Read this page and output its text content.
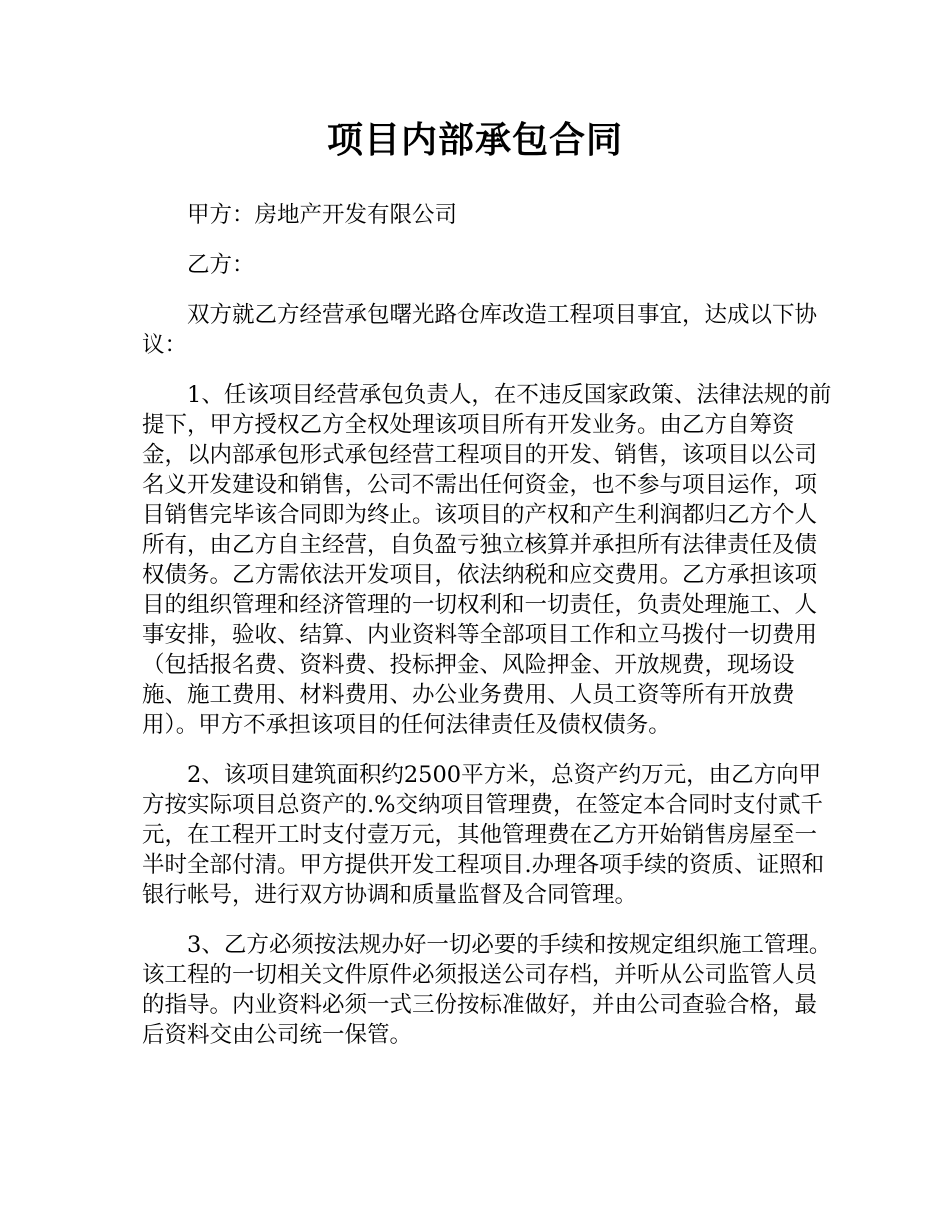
项目内部承包合同

甲方：房地产开发有限公司

乙方：

双方就乙方经营承包曙光路仓库改造工程项目事宜，达成以下协议：

1、任该项目经营承包负责人，在不违反国家政策、法律法规的前提下，甲方授权乙方全权处理该项目所有开发业务。由乙方自筹资金，以内部承包形式承包经营工程项目的开发、销售，该项目以公司名义开发建设和销售，公司不需出任何资金，也不参与项目运作，项目销售完毕该合同即为终止。该项目的产权和产生利润都归乙方个人所有，由乙方自主经营，自负盈亏独立核算并承担所有法律责任及债权债务。乙方需依法开发项目，依法纳税和应交费用。乙方承担该项目的组织管理和经济管理的一切权利和一切责任，负责处理施工、人事安排，验收、结算、内业资料等全部项目工作和立马拨付一切费用（包括报名费、资料费、投标押金、风险押金、开放规费，现场设施、施工费用、材料费用、办公业务费用、人员工资等所有开放费用）。甲方不承担该项目的任何法律责任及债权债务。

2、该项目建筑面积约2500平方米，总资产约万元，由乙方向甲方按实际项目总资产的.%交纳项目管理费，在签定本合同时支付贰千元，在工程开工时支付壹万元，其他管理费在乙方开始销售房屋至一半时全部付清。甲方提供开发工程项目.办理各项手续的资质、证照和银行帐号，进行双方协调和质量监督及合同管理。

3、乙方必须按法规办好一切必要的手续和按规定组织施工管理。该工程的一切相关文件原件必须报送公司存档，并听从公司监管人员的指导。内业资料必须一式三份按标准做好，并由公司查验合格，最后资料交由公司统一保管。
